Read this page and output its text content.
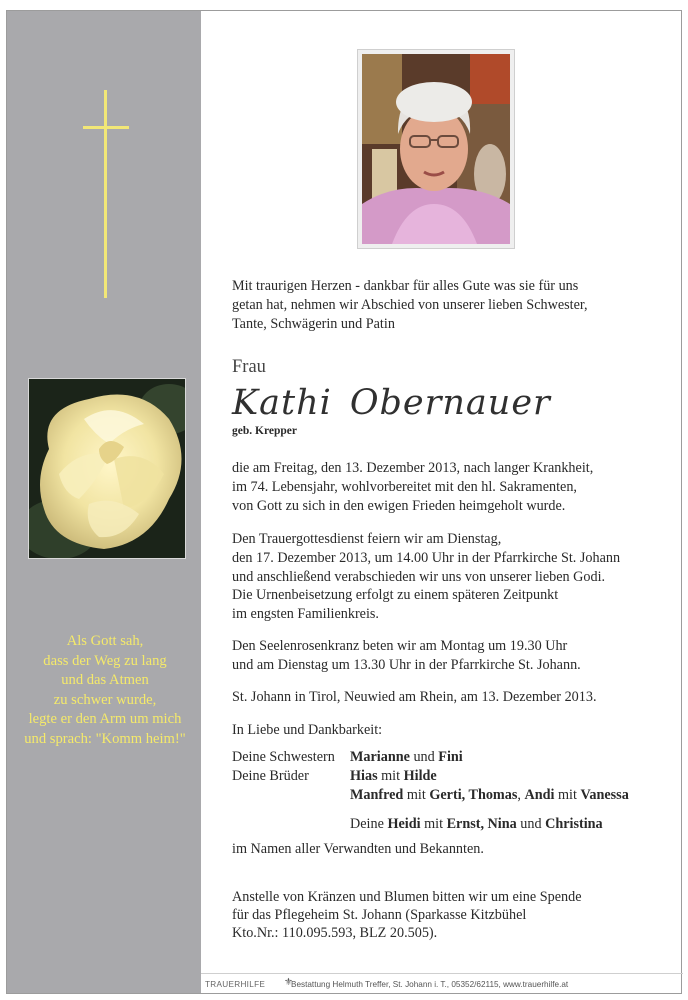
Als Gott sah,
dass der Weg zu lang
und das Atmen
zu schwer wurde,
legte er den Arm um mich
und sprach: "Komm heim!"
Mit traurigen Herzen - dankbar für alles Gute was sie für uns
getan hat, nehmen wir Abschied von unserer lieben Schwester,
Tante, Schwägerin und Patin
Frau
Kathi Obernauer
geb. Krepper
die am Freitag, den 13. Dezember 2013, nach langer Krankheit,
im 74. Lebensjahr, wohlvorbereitet mit den hl. Sakramenten,
von Gott zu sich in den ewigen Frieden heimgeholt wurde.
Den Trauergottesdienst feiern wir am Dienstag,
den 17. Dezember 2013, um 14.00 Uhr in der Pfarrkirche St. Johann
und anschließend verabschieden wir uns von unserer lieben Godi.
Die Urnenbeisetzung erfolgt zu einem späteren Zeitpunkt
im engsten Familienkreis.
Den Seelenrosenkranz beten wir am Montag um 19.30 Uhr
und am Dienstag um 13.30 Uhr in der Pfarrkirche St. Johann.
St. Johann in Tirol, Neuwied am Rhein, am 13. Dezember 2013.
In Liebe und Dankbarkeit:
Deine Schwestern Marianne und Fini
Deine Brüder	Hias mit Hilde
Manfred mit Gerti, Thomas, Andi mit Vanessa
Deine Heidi mit Ernst, Nina und Christina
im Namen aller Verwandten und Bekannten.
Anstelle von Kränzen und Blumen bitten wir um eine Spende
für das Pflegeheim St. Johann (Sparkasse Kitzbühel
Kto.Nr.: 110.095.593, BLZ 20.505).
TRAUERHILFE ⚜
Bestattung Helmuth Treffer, St. Johann i. T., 05352/62115, www.trauerhilfe.at
